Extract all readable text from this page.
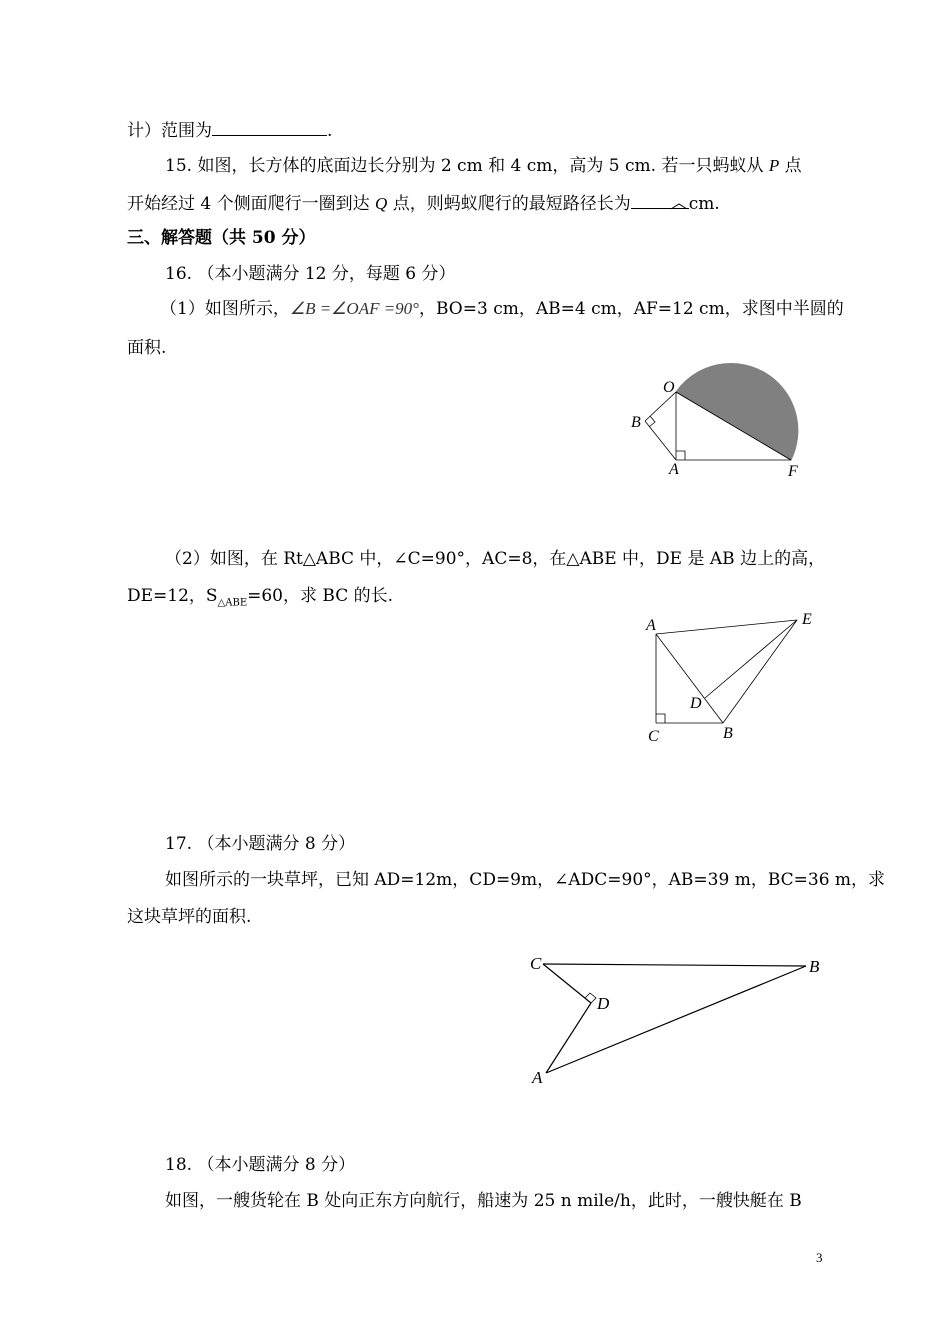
计）范围为	.
15. 如图，长方体的底面边长分别为 2 cm 和 4 cm，高为 5 cm. 若一只蚂蚁从 P 点
开始经过 4 个侧面爬行一圈到达 Q 点，则蚂蚁爬行的最短路径长为	cm.
三、解答题（共 50 分）
16. （本小题满分 12 分，每题 6 分）
（1）如图所示，∠B =∠OAF =90°，BO=3 cm，AB=4 cm，AF=12 cm，求图中半圆的
面积.
O
B
A	F
（2）如图，在 Rt△ABC 中，∠C=90°，AC=8，在△ABE 中，DE 是 AB 边上的高，
DE=12，$S_{\triangle ABE}=60$，求 BC 的长.
A	E
D
C	B
17. （本小题满分 8 分）
如图所示的一块草坪，已知 AD=12m，CD=9m，∠ADC=90°，AB=39 m，BC=36 m，求
这块草坪的面积.
C	B
D
A
18. （本小题满分 8 分）
如图，一艘货轮在 B 处向正东方向航行，船速为 25 n mile/h，此时，一艘快艇在 B
3
